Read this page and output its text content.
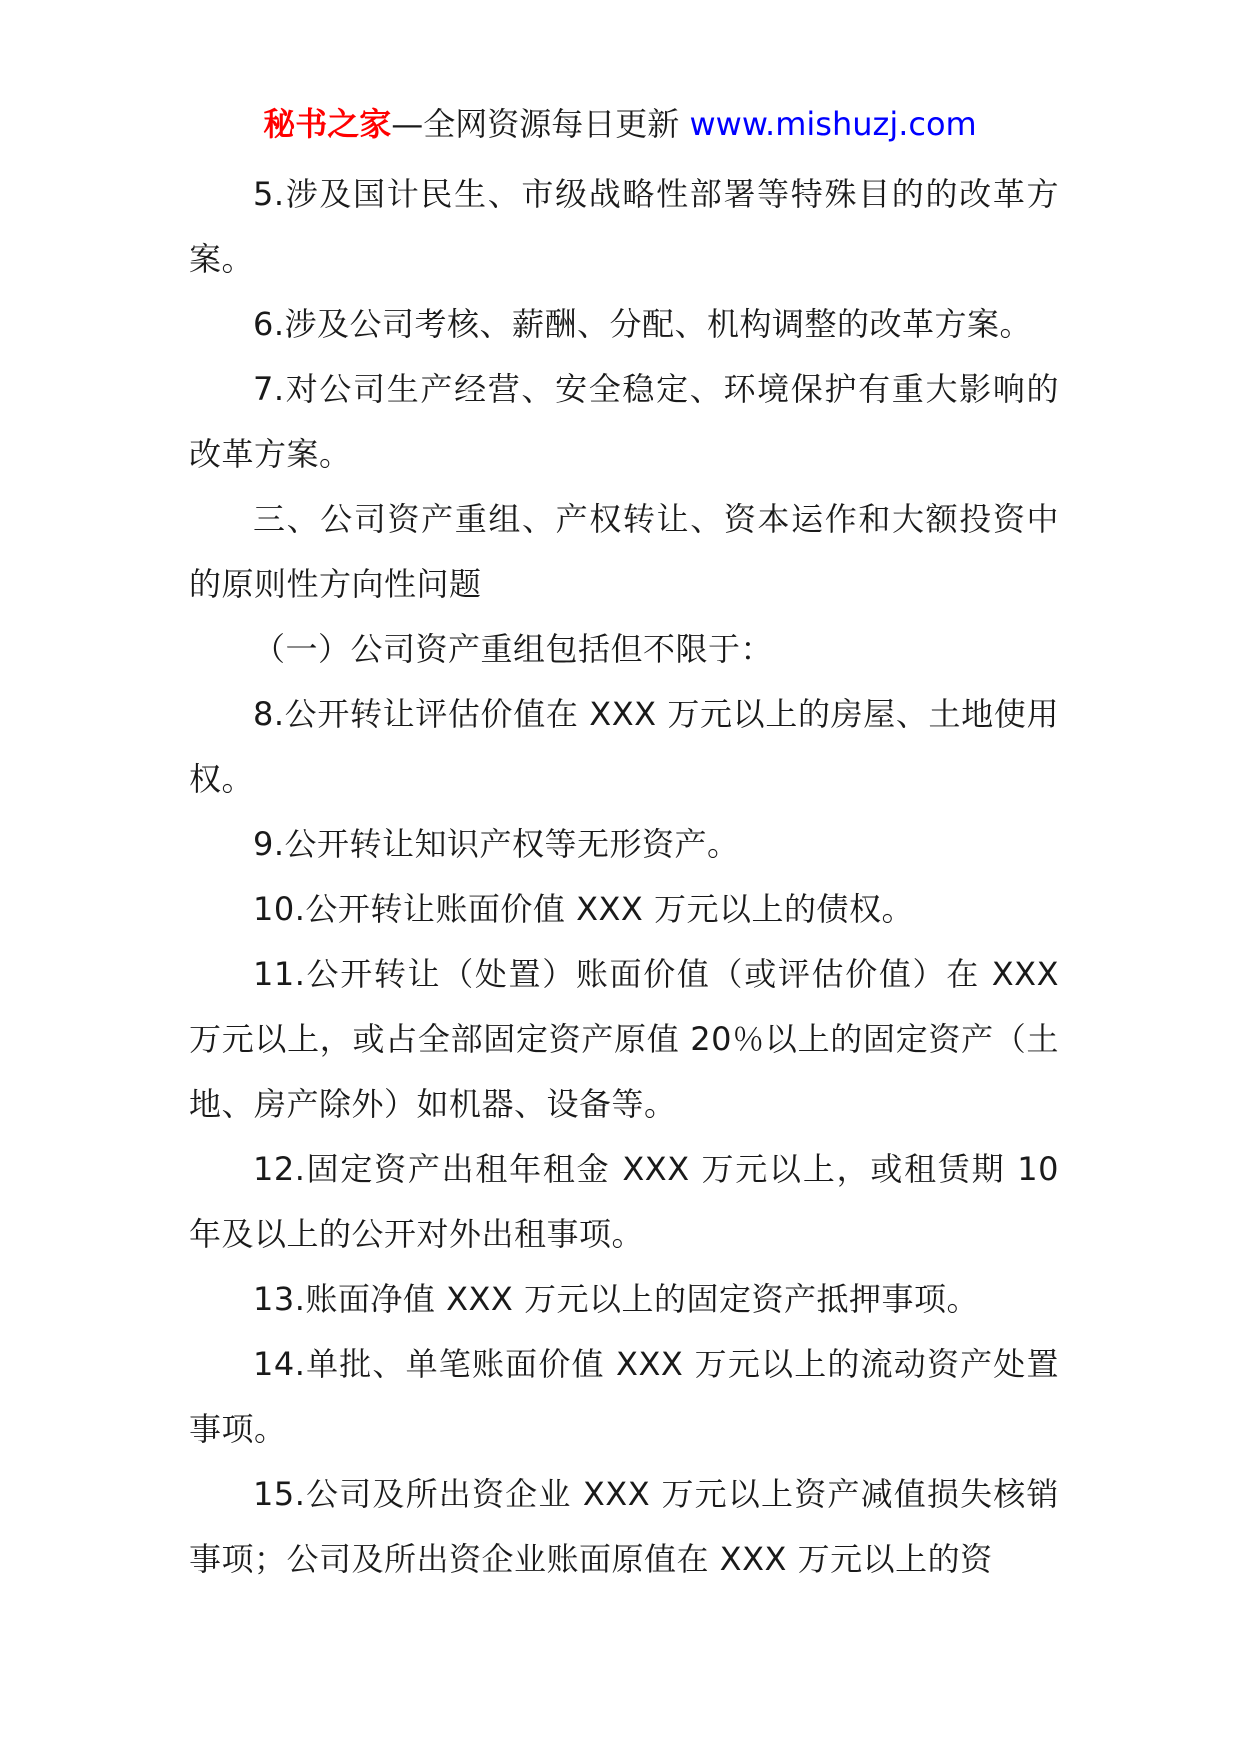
秘书之家—全网资源每日更新 www.mishuzj.com

5.涉及国计民生、市级战略性部署等特殊目的的改革方案。

6.涉及公司考核、薪酬、分配、机构调整的改革方案。

7.对公司生产经营、安全稳定、环境保护有重大影响的改革方案。

三、公司资产重组、产权转让、资本运作和大额投资中的原则性方向性问题

（一）公司资产重组包括但不限于：

8.公开转让评估价值在 XXX 万元以上的房屋、土地使用权。

9.公开转让知识产权等无形资产。

10.公开转让账面价值 XXX 万元以上的债权。

11.公开转让（处置）账面价值（或评估价值）在 XXX 万元以上，或占全部固定资产原值 20％以上的固定资产（土地、房产除外）如机器、设备等。

12.固定资产出租年租金 XXX 万元以上，或租赁期 10 年及以上的公开对外出租事项。

13.账面净值 XXX 万元以上的固定资产抵押事项。

14.单批、单笔账面价值 XXX 万元以上的流动资产处置事项。

15.公司及所出资企业 XXX 万元以上资产减值损失核销事项；公司及所出资企业账面原值在 XXX 万元以上的资
